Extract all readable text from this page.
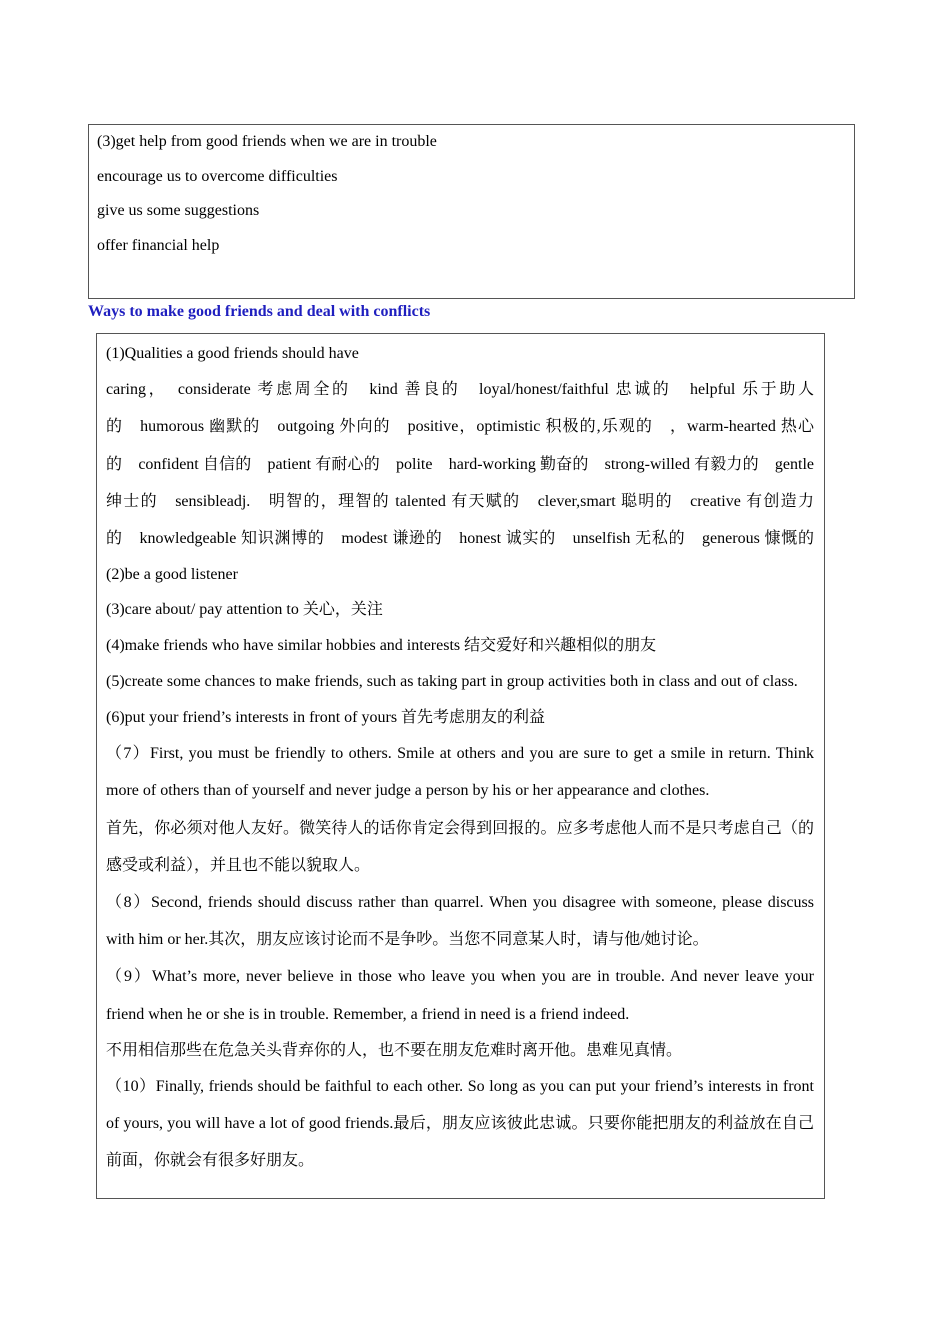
(3)get help from good friends when we are in trouble
encourage us to overcome difficulties
give us some suggestions
offer financial help
Ways to make good friends and deal with conflicts

(1)Qualities a good friends should have

caring，　considerate 考虑周全的　kind 善良的　loyal/honest/faithful 忠诚的　helpful 乐于助人

的　humorous 幽默的　outgoing 外向的　positive，optimistic 积极的,乐观的　，warm-hearted 热心

的　confident 自信的　patient 有耐心的　polite　hard-working 勤奋的　strong-willed 有毅力的　gentle

绅士的　sensibleadj.　明智的，理智的 talented 有天赋的　clever,smart 聪明的　creative 有创造力

的　knowledgeable 知识渊博的　modest 谦逊的　honest 诚实的　unselfish 无私的　generous 慷慨的

(2)be a good listener

(3)care about/ pay attention to 关心，关注

(4)make friends who have similar hobbies and interests 结交爱好和兴趣相似的朋友

(5)create some chances to make friends, such as taking part in group activities both in class and out of class.

(6)put your friend’s interests in front of yours 首先考虑朋友的利益

（7）First, you must be friendly to others. Smile at others and you are sure to get a smile in return. Think more of others than of yourself and never judge a person by his or her appearance and clothes.

首先，你必须对他人友好。微笑待人的话你肯定会得到回报的。应多考虑他人而不是只考虑自己（的感受或利益），并且也不能以貌取人。

（8）Second, friends should discuss rather than quarrel. When you disagree with someone, please discuss with him or her.其次，朋友应该讨论而不是争吵。当您不同意某人时，请与他/她讨论。

（9）What’s more, never believe in those who leave you when you are in trouble. And never leave your friend when he or she is in trouble. Remember, a friend in need is a friend indeed.

不用相信那些在危急关头背弃你的人，也不要在朋友危难时离开他。患难见真情。

（10）Finally, friends should be faithful to each other. So long as you can put your friend’s interests in front of yours, you will have a lot of good friends.最后，朋友应该彼此忠诚。只要你能把朋友的利益放在自己前面，你就会有很多好朋友。
